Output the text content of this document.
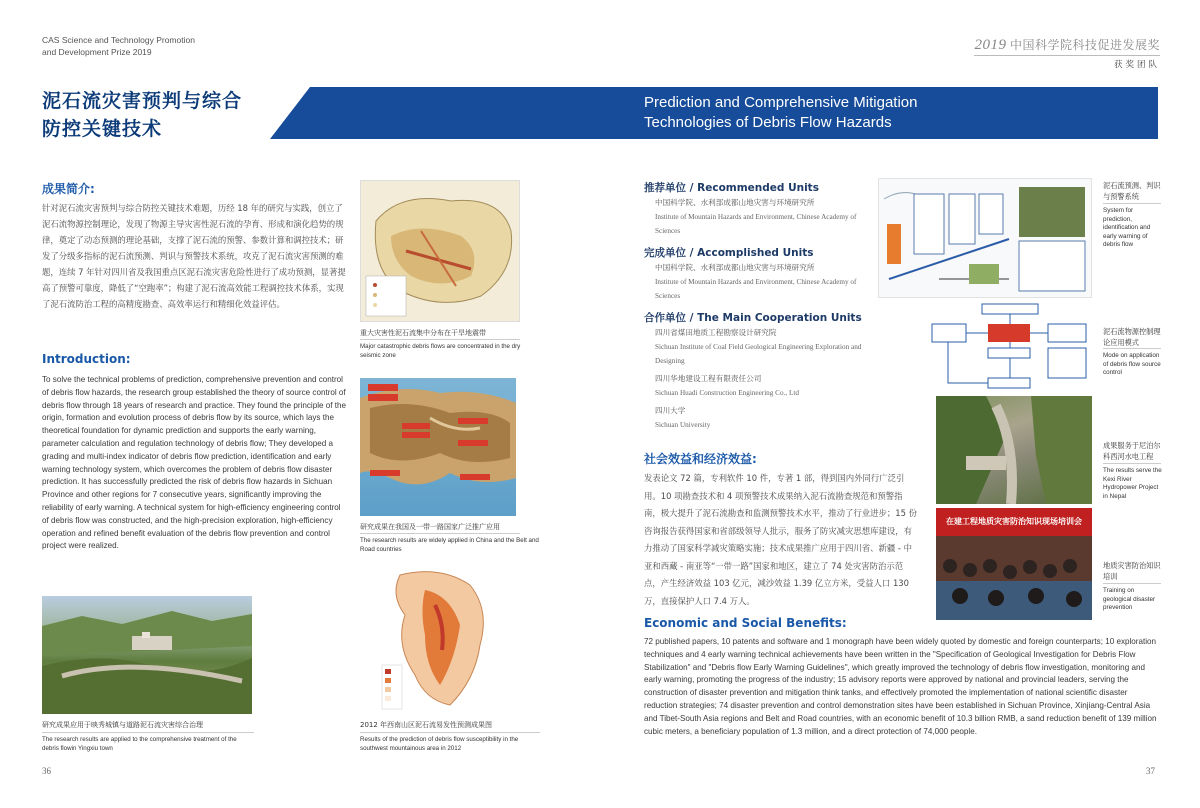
CAS Science and Technology Promotion
and Development Prize 2019	2019 中国科学院科技促进发展奖
获奖团队
泥石流灾害预判与综合
防控关键技术
Prediction and Comprehensive Mitigation
Technologies of Debris Flow Hazards
成果简介:
针对泥石流灾害预判与综合防控关键技术难题，历经 18 年的研究与实践，创立了泥石流物源控制理论，发现了物源主导灾害性泥石流的孕育、形成和演化趋势的规律，奠定了动态预测的理论基础，支撑了泥石流的预警、参数计算和调控技术；研发了分级多指标的泥石流预测、判识与预警技术系统，攻克了泥石流灾害预测的难题，连续 7 年针对四川省及我国重点区泥石流灾害危险性进行了成功预测，显著提高了预警可靠度，降低了“空跑率”；构建了泥石流高效能工程调控技术体系，实现了泥石流防治工程的高精度勘查、高效率运行和精细化效益评估。
Introduction:
To solve the technical problems of prediction, comprehensive prevention and control of debris flow hazards, the research group established the theory of source control of debris flow through 18 years of research and practice. They found the principle of the origin, formation and evolution process of debris flow by its source, which lays the theoretical foundation for dynamic prediction and supports the early warning, parameter calculation and regulation technology of debris flow; They developed a grading and multi-index indicator of debris flow prediction, identification and early warning technology system, which overcomes the problem of debris flow disaster prediction. It has successfully predicted the risk of debris flow hazards in Sichuan Province and other regions for 7 consecutive years, significantly improving the reliability of early warning. A technical system for high-efficiency engineering control of debris flow was constructed, and the high-precision exploration, high-efficiency operation and refined benefit evaluation of the debris flow prevention and control project were realized.
研究成果应用于映秀城镇与道路泥石流灾害综合治理
The research results are applied to the comprehensive treatment of the debris flowin Yingxiu town
重大灾害性泥石流集中分布在干旱地震带
Major catastrophic debris flows are concentrated in the dry seismic zone
研究成果在我国及一带一路国家广泛推广应用
The research results are widely applied in China and the Belt and Road countries
2012 年西南山区泥石流易发性预测成果图
Results of the prediction of debris flow susceptibility in the southwest mountainous area in 2012
推荐单位 / Recommended Units
中国科学院、水利部成都山地灾害与环境研究所
Institute of Mountain Hazards and Environment, Chinese Academy of Sciences
完成单位 / Accomplished Units
中国科学院、水利部成都山地灾害与环境研究所
Institute of Mountain Hazards and Environment, Chinese Academy of Sciences
合作单位 / The Main Cooperation Units
四川省煤田地质工程勘察设计研究院
Sichuan Institute of Coal Field Geological Engineering Exploration and Designing
四川华地建设工程有限责任公司
Sichuan Huadi Construction Engineering Co., Ltd
四川大学
Sichuan University
社会效益和经济效益:
发表论文 72 篇，专利软件 10 件，专著 1 部，得到国内外同行广泛引用。10 项勘查技术和 4 项预警技术成果纳入泥石流勘查规范和预警指南，极大提升了泥石流勘查和监测预警技术水平，推动了行业进步；15 份咨询报告获得国家和省部级领导人批示，服务了防灾减灾思想库建设，有力推动了国家科学减灾策略实施；技术成果推广应用于四川省、新疆 - 中亚和西藏 - 南亚等“一带一路”国家和地区，建立了 74 处灾害防治示范点，产生经济效益 103 亿元，减沙效益 1.39 亿立方米，受益人口 130 万，直接保护人口 7.4 万人。
Economic and Social Benefits:
72 published papers, 10 patents and software and 1 monograph have been widely quoted by domestic and foreign counterparts; 10 exploration techniques and 4 early warning technical achievements have been written in the "Specification of Geological Investigation for Debris Flow Stabilization" and "Debris flow Early Warning Guidelines", which greatly improved the technology of debris flow investigation, monitoring and early warning, promoting the progress of the industry; 15 advisory reports were approved by national and provincial leaders, serving the construction of disaster prevention and mitigation think tanks, and effectively promoted the implementation of national scientific disaster reduction strategies; 74 disaster prevention and control demonstration sites have been established in Sichuan Province, Xinjiang-Central Asia and Tibet-South Asia regions and Belt and Road countries, with an economic benefit of 10.3 billion RMB, a sand reduction benefit of 139 million cubic meters, a beneficiary population of 1.3 million, and a direct protection of 74,000 people.
泥石流预测、判识与预警系统
System for prediction, identification and early warning of debris flow
泥石流物源控制理论应用模式
Mode on application of debris flow source control
成果服务于尼泊尔科西河水电工程
The results serve the Kexi River Hydropower Project in Nepal
在建工程地质灾害防治知识现场培训会
地质灾害防治知识培训
Training on geological disaster prevention
36	37
